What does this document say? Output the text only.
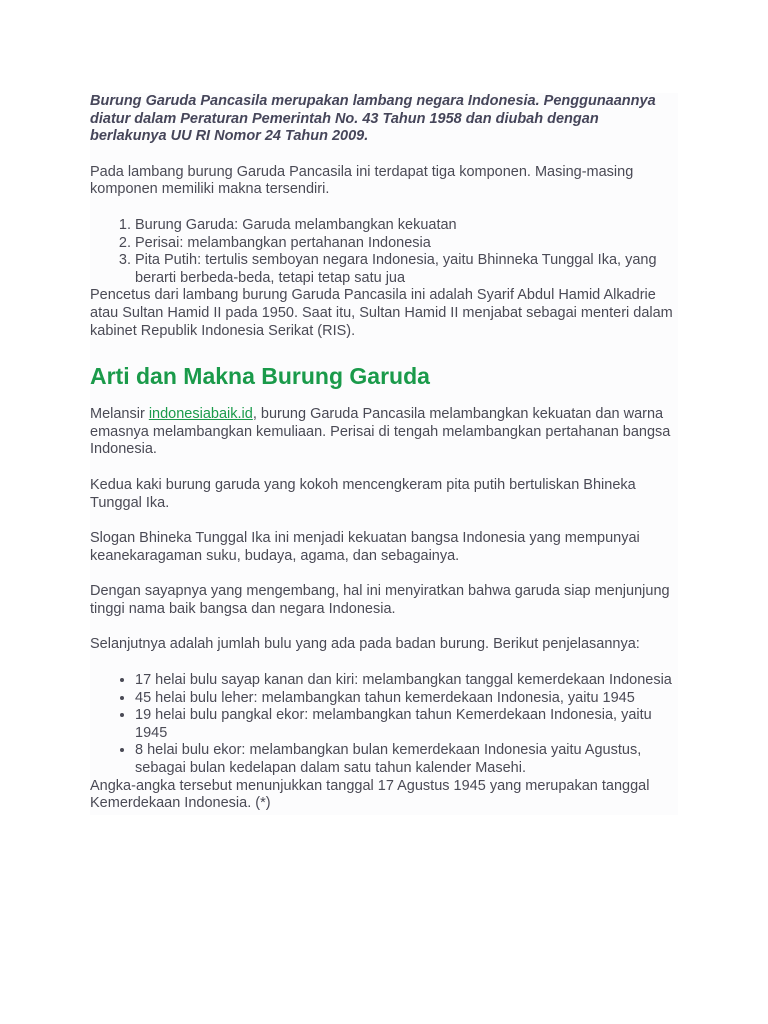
Burung Garuda Pancasila merupakan lambang negara Indonesia. Penggunaannya diatur dalam Peraturan Pemerintah No. 43 Tahun 1958 dan diubah dengan berlakunya UU RI Nomor 24 Tahun 2009.

Pada lambang burung Garuda Pancasila ini terdapat tiga komponen. Masing-masing komponen memiliki makna tersendiri.

1. Burung Garuda: Garuda melambangkan kekuatan
2. Perisai: melambangkan pertahanan Indonesia
3. Pita Putih: tertulis semboyan negara Indonesia, yaitu Bhinneka Tunggal Ika, yang berarti berbeda-beda, tetapi tetap satu jua

Pencetus dari lambang burung Garuda Pancasila ini adalah Syarif Abdul Hamid Alkadrie atau Sultan Hamid II pada 1950. Saat itu, Sultan Hamid II menjabat sebagai menteri dalam kabinet Republik Indonesia Serikat (RIS).

Arti dan Makna Burung Garuda

Melansir indonesiabaik.id, burung Garuda Pancasila melambangkan kekuatan dan warna emasnya melambangkan kemuliaan. Perisai di tengah melambangkan pertahanan bangsa Indonesia.

Kedua kaki burung garuda yang kokoh mencengkeram pita putih bertuliskan Bhineka Tunggal Ika.

Slogan Bhineka Tunggal Ika ini menjadi kekuatan bangsa Indonesia yang mempunyai keanekaragaman suku, budaya, agama, dan sebagainya.

Dengan sayapnya yang mengembang, hal ini menyiratkan bahwa garuda siap menjunjung tinggi nama baik bangsa dan negara Indonesia.

Selanjutnya adalah jumlah bulu yang ada pada badan burung. Berikut penjelasannya:

• 17 helai bulu sayap kanan dan kiri: melambangkan tanggal kemerdekaan Indonesia
• 45 helai bulu leher: melambangkan tahun kemerdekaan Indonesia, yaitu 1945
• 19 helai bulu pangkal ekor: melambangkan tahun Kemerdekaan Indonesia, yaitu 1945
• 8 helai bulu ekor: melambangkan bulan kemerdekaan Indonesia yaitu Agustus, sebagai bulan kedelapan dalam satu tahun kalender Masehi.

Angka-angka tersebut menunjukkan tanggal 17 Agustus 1945 yang merupakan tanggal Kemerdekaan Indonesia. (*)
